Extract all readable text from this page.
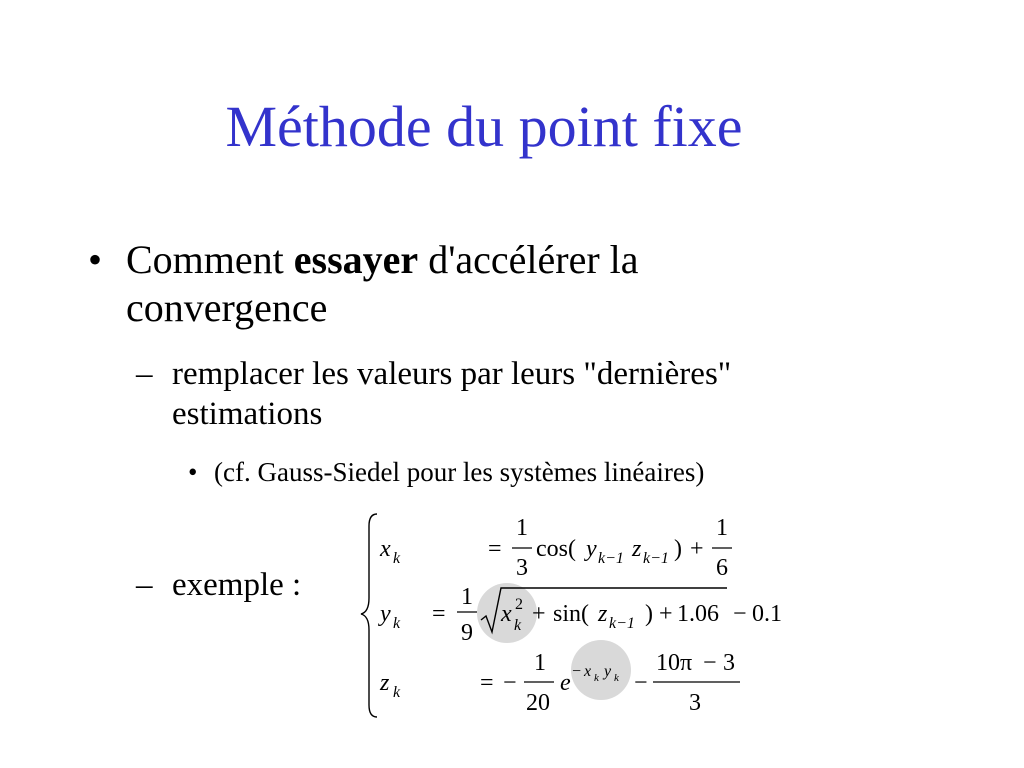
Méthode du point fixe
• Comment essayer d'accélérer la convergence
– remplacer les valeurs par leurs "dernières" estimations
• (cf. Gauss-Siedel pour les systèmes linéaires)
– exemple :
x k	=
1
3
cos( y k−1 z k−1 ) +
1
6
y k =
1
9
x 2
k + sin( z k−1 ) + 1.06 − 0.1
z k	= −
1
20
e − x k y k −
10π − 3
3
